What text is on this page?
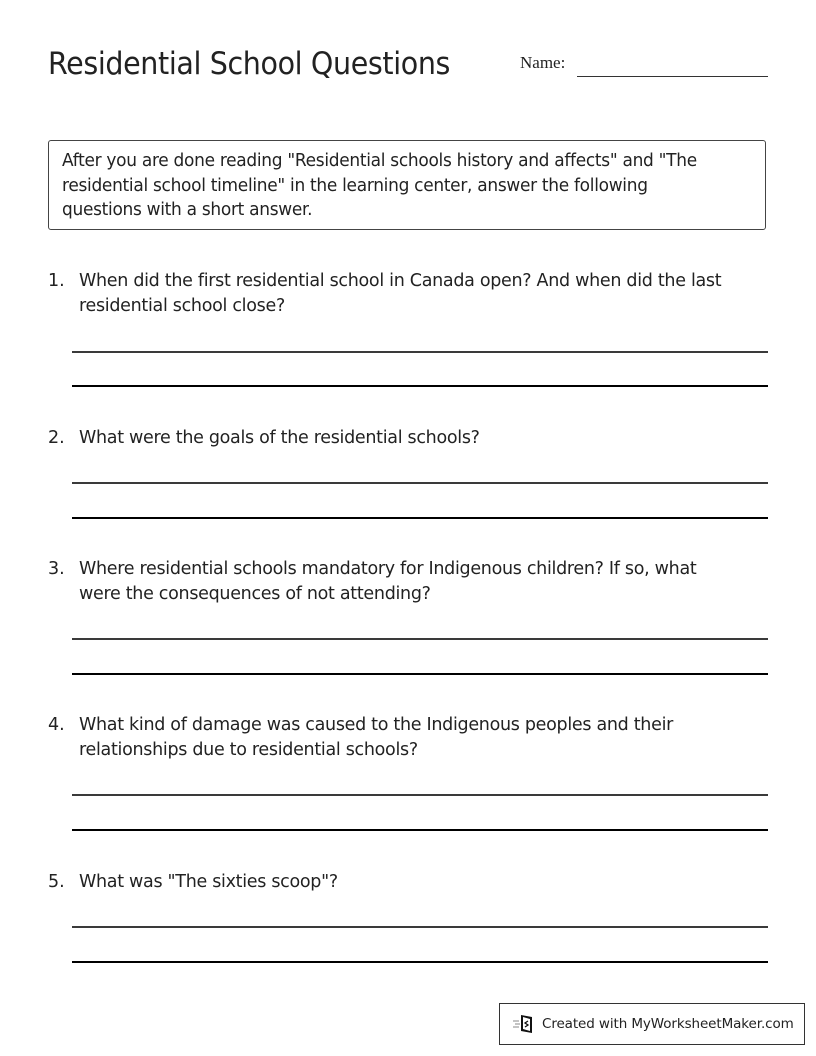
Residential School Questions	Name:
After you are done reading "Residential schools history and affects" and "The
residential school timeline" in the learning center, answer the following
questions with a short answer.
1. When did the first residential school in Canada open? And when did the last
residential school close?
2. What were the goals of the residential schools?
3. Where residential schools mandatory for Indigenous children? If so, what
were the consequences of not attending?
4. What kind of damage was caused to the Indigenous peoples and their
relationships due to residential schools?
5. What was "The sixties scoop"?
Created with MyWorksheetMaker.com
